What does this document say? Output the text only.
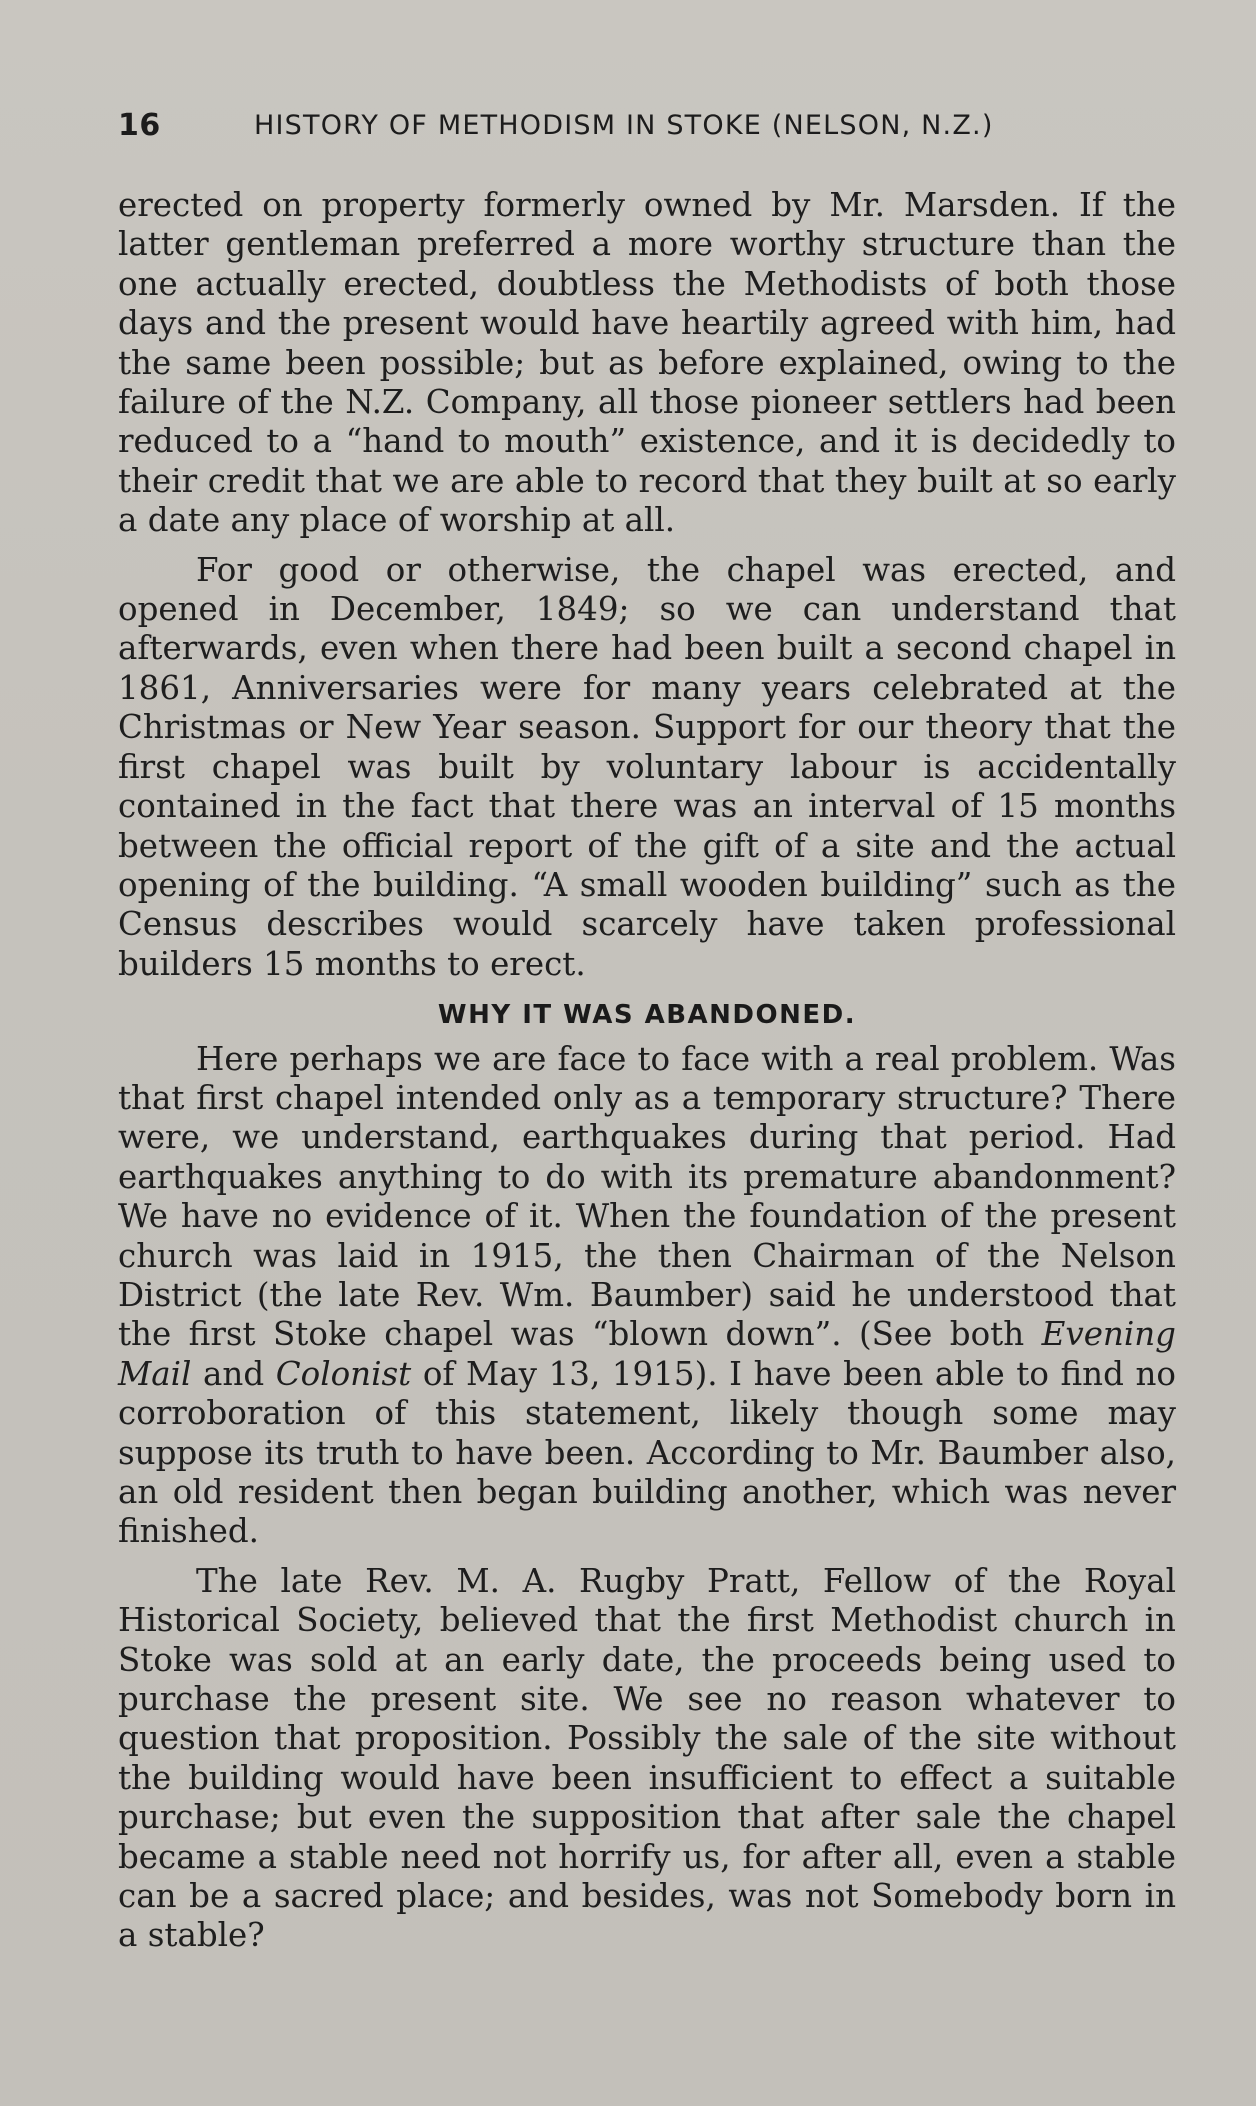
16	HISTORY OF METHODISM IN STOKE (NELSON, N.Z.)

erected on property formerly owned by Mr. Marsden. If the latter gentleman preferred a more worthy structure than the one actually erected, doubtless the Methodists of both those days and the present would have heartily agreed with him, had the same been possible; but as before explained, owing to the failure of the N.Z. Company, all those pioneer settlers had been reduced to a “hand to mouth” existence, and it is decidedly to their credit that we are able to record that they built at so early a date any place of worship at all.

For good or otherwise, the chapel was erected, and opened in December, 1849; so we can understand that afterwards, even when there had been built a second chapel in 1861, Anniversaries were for many years celebrated at the Christmas or New Year season. Support for our theory that the first chapel was built by voluntary labour is accidentally contained in the fact that there was an interval of 15 months between the official report of the gift of a site and the actual opening of the building. “A small wooden building” such as the Census describes would scarcely have taken professional builders 15 months to erect.

WHY IT WAS ABANDONED.

Here perhaps we are face to face with a real problem. Was that first chapel intended only as a temporary structure? There were, we understand, earthquakes during that period. Had earthquakes anything to do with its premature abandonment? We have no evidence of it. When the foundation of the present church was laid in 1915, the then Chairman of the Nelson District (the late Rev. Wm. Baumber) said he understood that the first Stoke chapel was “blown down”. (See both Evening Mail and Colonist of May 13, 1915). I have been able to find no corroboration of this statement, likely though some may suppose its truth to have been. According to Mr. Baumber also, an old resident then began building another, which was never finished.

The late Rev. M. A. Rugby Pratt, Fellow of the Royal Historical Society, believed that the first Methodist church in Stoke was sold at an early date, the proceeds being used to purchase the present site. We see no reason whatever to question that proposition. Possibly the sale of the site without the building would have been insufficient to effect a suitable purchase; but even the supposition that after sale the chapel became a stable need not horrify us, for after all, even a stable can be a sacred place; and besides, was not Somebody born in a stable?
